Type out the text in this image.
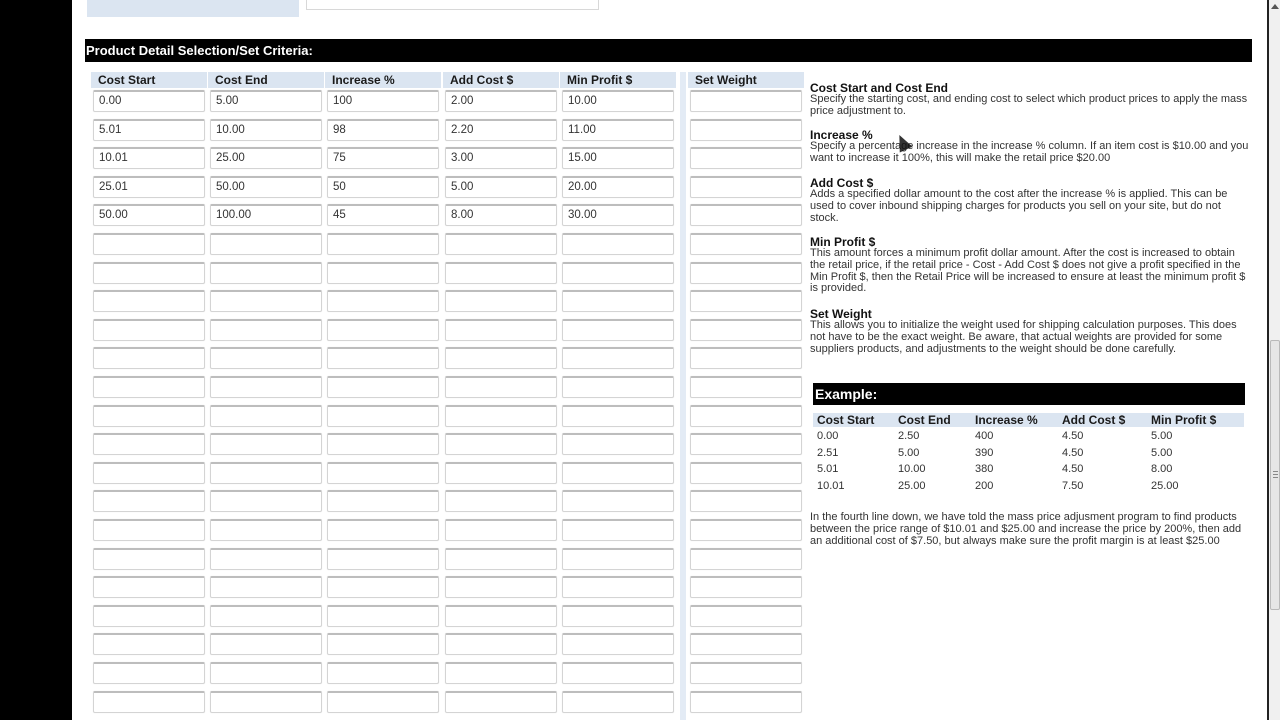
Product Detail Selection/Set Criteria:
Cost Start	Cost End	Increase %	Add Cost $	Min Profit $	Set Weight
0.00	5.00	100	2.00	10.00
5.01	10.00	98	2.20	11.00
10.01	25.00	75	3.00	15.00
25.01	50.00	50	5.00	20.00
50.00	100.00	45	8.00	30.00
Cost Start and Cost End
Specify the starting cost, and ending cost to select which product prices to apply the mass price adjustment to.
Increase %
Specify a percentage increase in the increase % column. If an item cost is $10.00 and you want to increase it 100%, this will make the retail price $20.00
Add Cost $
Adds a specified dollar amount to the cost after the increase % is applied. This can be used to cover inbound shipping charges for products you sell on your site, but do not stock.
Min Profit $
This amount forces a minimum profit dollar amount. After the cost is increased to obtain the retail price, if the retail price - Cost - Add Cost $ does not give a profit specified in the Min Profit $, then the Retail Price will be increased to ensure at least the minimum profit $ is provided.
Set Weight
This allows you to initialize the weight used for shipping calculation purposes. This does not have to be the exact weight. Be aware, that actual weights are provided for some suppliers products, and adjustments to the weight should be done carefully.
Example:
Cost Start	Cost End	Increase %	Add Cost $	Min Profit $
0.00	2.50	400	4.50	5.00
2.51	5.00	390	4.50	5.00
5.01	10.00	380	4.50	8.00
10.01	25.00	200	7.50	25.00
In the fourth line down, we have told the mass price adjusment program to find products between the price range of $10.01 and $25.00 and increase the price by 200%, then add an additional cost of $7.50, but always make sure the profit margin is at least $25.00
